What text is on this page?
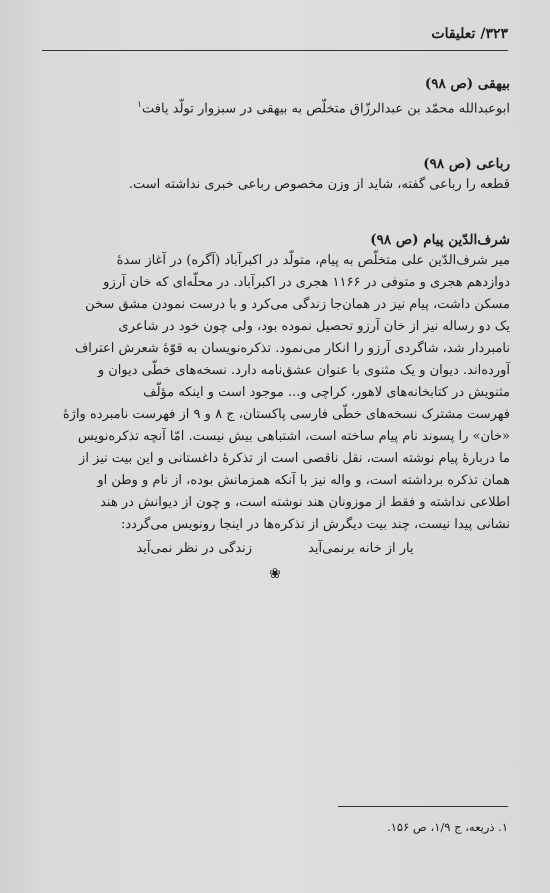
۳۲۳/ تعلیقات
بیهقی (ص ۹۸)

ابوعبدالله محمّد بن عبدالرزّاق متخلّص به بیهقی در سبزوار تولّد یافت$^۱$

رباعی (ص ۹۸)

قطعه را رباعی گفته، شاید از وزن مخصوص رباعی خبری نداشته است.

شرف‌الدّین پیام (ص ۹۸)

میر شرف‌الدّین علی متخلّص به پیام، متولّد در اکبرآباد (آگره) در آغاز سدهٔ

دوازدهم هجری و متوفی در ۱۱۶۶ هجری در اکبرآباد. در محلّه‌ای که خان آرزو

مسکن داشت، پیام نیز در همان‌جا زندگی می‌کرد و با درست نمودن مشق سخن

یک دو رساله نیز از خان آرزو تحصیل نموده بود، ولی چون خود در شاعری

نامبردار شد، شاگردی آرزو را انکار می‌نمود. تذکره‌نویسان به قوّهٔ شعرش اعتراف

آورده‌اند. دیوان و یک مثنوی با عنوان عشق‌نامه دارد. نسخه‌های خطّی دیوان و

مثنویش در کتابخانه‌های لاهور، کراچی و... موجود است و اینکه مؤلّف

فهرست مشترک نسخه‌های خطّی فارسی پاکستان، ج ۸ و ۹ از فهرست نامبرده واژهٔ

«خان» را پسوند نام پیام ساخته است، اشتباهی بیش نیست. امّا آنچه تذکره‌نویس

ما دربارهٔ پیام نوشته است، نقل ناقصی است از تذکرهٔ داغستانی و این بیت نیز از

همان تذکره برداشته است، و واله نیز با آنکه همزمانش بوده، از نام و وطن او

اطلاعی نداشته و فقط از موزونان هند نوشته است، و چون از دیوانش در هند

نشانی پیدا نیست، چند بیت دیگرش از تذکره‌ها در اینجا رونویس می‌گردد:

یار از خانه برنمی‌آید
زندگی در نظر نمی‌آید
❀
۱. ذریعه، ج ۱/۹، ص ۱۵۶.
